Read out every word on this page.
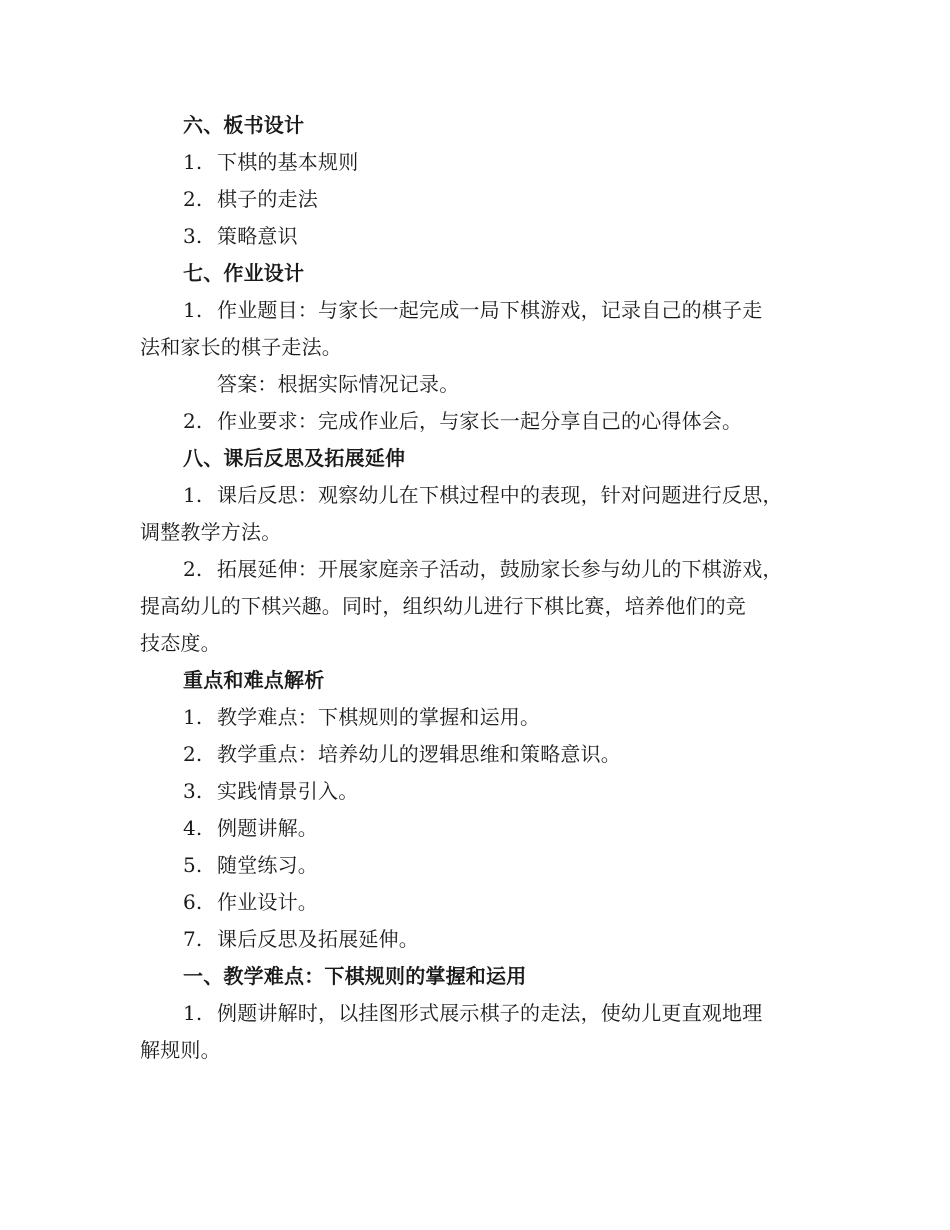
六、板书设计
1. 下棋的基本规则
2. 棋子的走法
3. 策略意识
七、作业设计
1. 作业题目：与家长一起完成一局下棋游戏，记录自己的棋子走
法和家长的棋子走法。
答案：根据实际情况记录。
2. 作业要求：完成作业后，与家长一起分享自己的心得体会。
八、课后反思及拓展延伸
1. 课后反思：观察幼儿在下棋过程中的表现，针对问题进行反思，
调整教学方法。
2. 拓展延伸：开展家庭亲子活动，鼓励家长参与幼儿的下棋游戏，
提高幼儿的下棋兴趣。同时，组织幼儿进行下棋比赛，培养他们的竞
技态度。
重点和难点解析
1. 教学难点：下棋规则的掌握和运用。
2. 教学重点：培养幼儿的逻辑思维和策略意识。
3. 实践情景引入。
4. 例题讲解。
5. 随堂练习。
6. 作业设计。
7. 课后反思及拓展延伸。
一、教学难点：下棋规则的掌握和运用
1. 例题讲解时，以挂图形式展示棋子的走法，使幼儿更直观地理
解规则。
